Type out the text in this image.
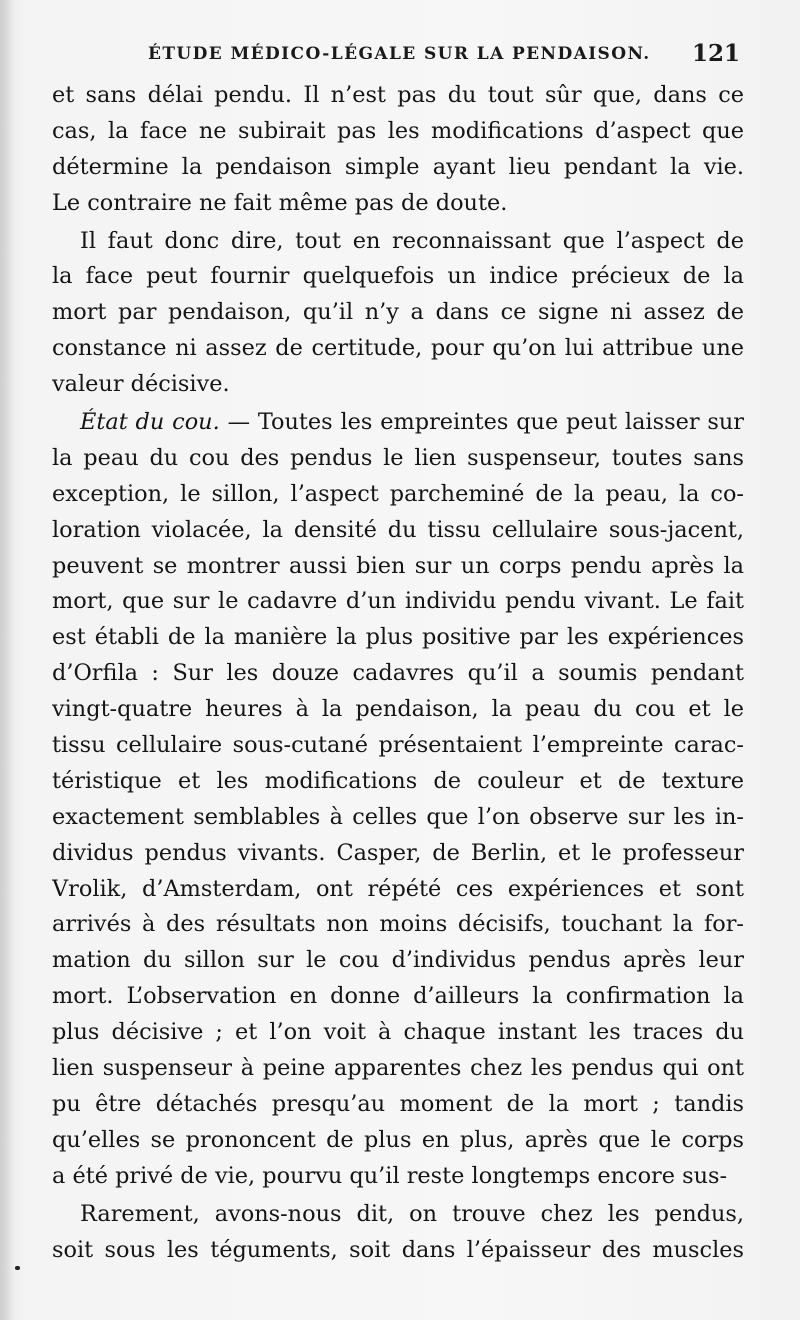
ÉTUDE MÉDICO-LÉGALE SUR LA PENDAISON. 121
et sans délai pendu. Il n’est pas du tout sûr que, dans ce
cas, la face ne subirait pas les modifications d’aspect que
détermine la pendaison simple ayant lieu pendant la vie.
Le contraire ne fait même pas de doute.
Il faut donc dire, tout en reconnaissant que l’aspect de
la face peut fournir quelquefois un indice précieux de la
mort par pendaison, qu’il n’y a dans ce signe ni assez de
constance ni assez de certitude, pour qu’on lui attribue une
valeur décisive.
État du cou. — Toutes les empreintes que peut laisser sur
la peau du cou des pendus le lien suspenseur, toutes sans
exception, le sillon, l’aspect parcheminé de la peau, la co-
loration violacée, la densité du tissu cellulaire sous-jacent,
peuvent se montrer aussi bien sur un corps pendu après la
mort, que sur le cadavre d’un individu pendu vivant. Le fait
est établi de la manière la plus positive par les expériences
d’Orfila : Sur les douze cadavres qu’il a soumis pendant
vingt-quatre heures à la pendaison, la peau du cou et le
tissu cellulaire sous-cutané présentaient l’empreinte carac-
téristique et les modifications de couleur et de texture
exactement semblables à celles que l’on observe sur les in-
dividus pendus vivants. Casper, de Berlin, et le professeur
Vrolik, d’Amsterdam, ont répété ces expériences et sont
arrivés à des résultats non moins décisifs, touchant la for-
mation du sillon sur le cou d’individus pendus après leur
mort. L’observation en donne d’ailleurs la confirmation la
plus décisive ; et l’on voit à chaque instant les traces du
lien suspenseur à peine apparentes chez les pendus qui ont
pu être détachés presqu’au moment de la mort ; tandis
qu’elles se prononcent de plus en plus, après que le corps
a été privé de vie, pourvu qu’il reste longtemps encore sus-
Rarement, avons-nous dit, on trouve chez les pendus,
soit sous les téguments, soit dans l’épaisseur des muscles
